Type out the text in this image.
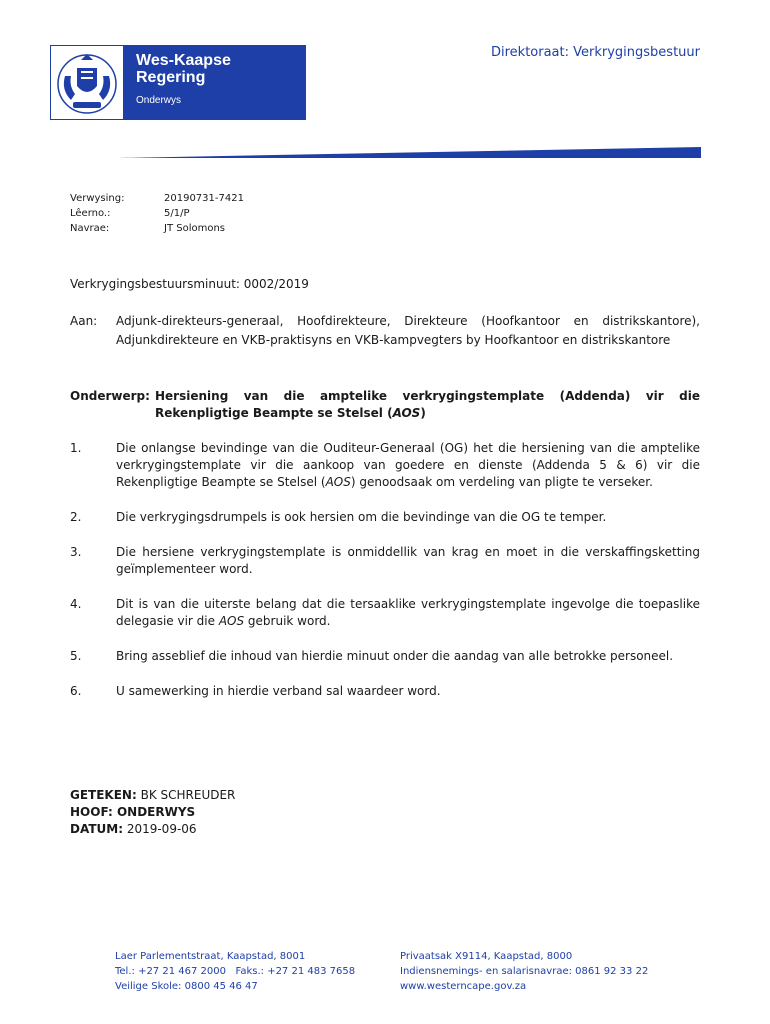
Wes-Kaapse
Regering
Onderwys
Direktoraat: Verkrygingsbestuur
Verwysing:	20190731-7421
Lêerno.:	5/1/P
Navrae:	JT Solomons
Verkrygingsbestuursminuut: 0002/2019
Aan:	Adjunk-direkteurs-generaal, Hoofdirekteure, Direkteure (Hoofkantoor en distrikskantore), Adjunkdirekteure en VKB-praktisyns en VKB-kampvegters by Hoofkantoor en distrikskantore
Onderwerp: Hersiening van die amptelike verkrygingstemplate (Addenda) vir die Rekenpligtige Beampte se Stelsel (AOS)
1.	Die onlangse bevindinge van die Ouditeur-Generaal (OG) het die hersiening van die amptelike verkrygingstemplate vir die aankoop van goedere en dienste (Addenda 5 & 6) vir die Rekenpligtige Beampte se Stelsel (AOS) genoodsaak om verdeling van pligte te verseker.
2.	Die verkrygingsdrumpels is ook hersien om die bevindinge van die OG te temper.
3.	Die hersiene verkrygingstemplate is onmiddellik van krag en moet in die verskaffingsketting geïmplementeer word.
4.	Dit is van die uiterste belang dat die tersaaklike verkrygingstemplate ingevolge die toepaslike delegasie vir die AOS gebruik word.
5.	Bring asseblief die inhoud van hierdie minuut onder die aandag van alle betrokke personeel.
6.	U samewerking in hierdie verband sal waardeer word.
GETEKEN: BK SCHREUDER
HOOF: ONDERWYS
DATUM: 2019-09-06
Laer Parlementstraat, Kaapstad, 8001
Tel.: +27 21 467 2000   Faks.: +27 21 483 7658
Veilige Skole: 0800 45 46 47
Privaatsak X9114, Kaapstad, 8000
Indiensnemings- en salarisnavrae: 0861 92 33 22
www.westerncape.gov.za
